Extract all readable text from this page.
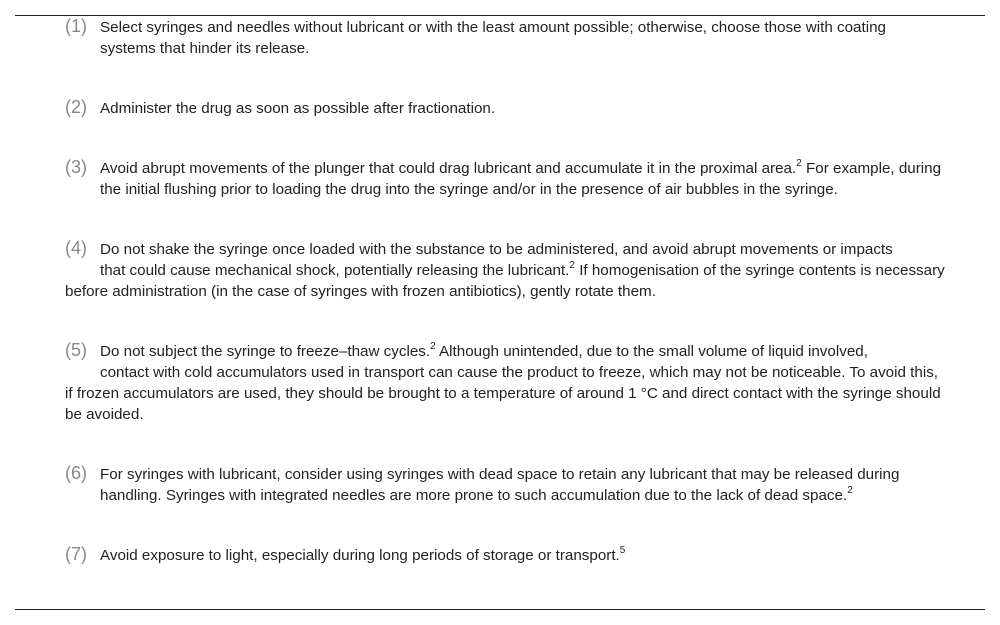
(1) Select syringes and needles without lubricant or with the least amount possible; otherwise, choose those with coating systems that hinder its release.

(2) Administer the drug as soon as possible after fractionation.

(3) Avoid abrupt movements of the plunger that could drag lubricant and accumulate it in the proximal area.$^2$ For example, during the initial flushing prior to loading the drug into the syringe and/or in the presence of air bubbles in the syringe.

(4) Do not shake the syringe once loaded with the substance to be administered, and avoid abrupt movements or impacts

that could cause mechanical shock, potentially releasing the lubricant.$^2$ If homogenisation of the syringe contents is necessary before administration (in the case of syringes with frozen antibiotics), gently rotate them.

(5) Do not subject the syringe to freeze–thaw cycles.$^2$ Although unintended, due to the small volume of liquid involved,

contact with cold accumulators used in transport can cause the product to freeze, which may not be noticeable. To avoid this, if frozen accumulators are used, they should be brought to a temperature of around 1 °C and direct contact with the syringe should be avoided.

(6) For syringes with lubricant, consider using syringes with dead space to retain any lubricant that may be released during handling. Syringes with integrated needles are more prone to such accumulation due to the lack of dead space.$^2$

(7) Avoid exposure to light, especially during long periods of storage or transport.$^5$
